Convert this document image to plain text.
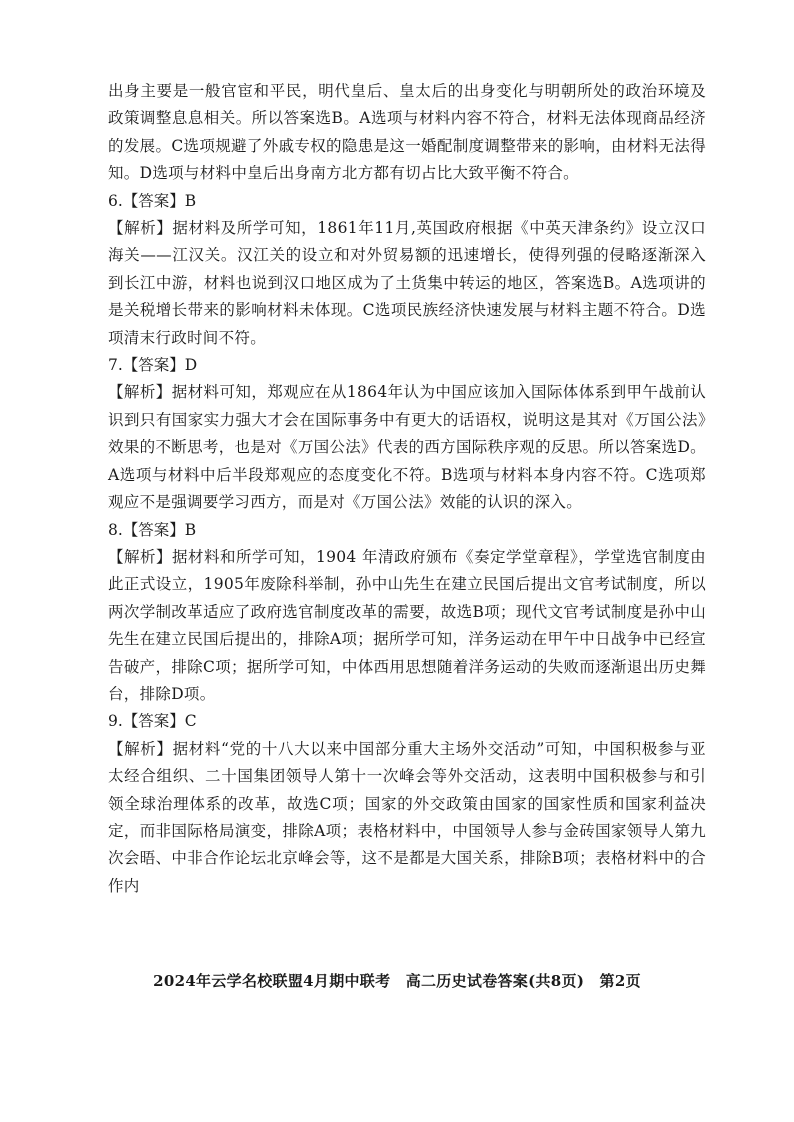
出身主要是一般官宦和平民，明代皇后、皇太后的出身变化与明朝所处的政治环境及政策调整息息相关。所以答案选B。A选项与材料内容不符合，材料无法体现商品经济的发展。C选项规避了外戚专权的隐患是这一婚配制度调整带来的影响，由材料无法得知。D选项与材料中皇后出身南方北方都有切占比大致平衡不符合。

6.【答案】B

【解析】据材料及所学可知，1861年11月,英国政府根据《中英天津条约》设立汉口海关——江汉关。汉江关的设立和对外贸易额的迅速增长，使得列强的侵略逐渐深入到长江中游，材料也说到汉口地区成为了土货集中转运的地区，答案选B。A选项讲的是关税增长带来的影响材料未体现。C选项民族经济快速发展与材料主题不符合。D选项清末行政时间不符。

7.【答案】D

【解析】据材料可知，郑观应在从1864年认为中国应该加入国际体体系到甲午战前认识到只有国家实力强大才会在国际事务中有更大的话语权，说明这是其对《万国公法》效果的不断思考，也是对《万国公法》代表的西方国际秩序观的反思。所以答案选D。A选项与材料中后半段郑观应的态度变化不符。B选项与材料本身内容不符。C选项郑观应不是强调要学习西方，而是对《万国公法》效能的认识的深入。

8.【答案】B

【解析】据材料和所学可知，1904 年清政府颁布《奏定学堂章程》，学堂选官制度由此正式设立，1905年废除科举制，孙中山先生在建立民国后提出文官考试制度，所以两次学制改革适应了政府选官制度改革的需要，故选B项；现代文官考试制度是孙中山先生在建立民国后提出的，排除A项；据所学可知，洋务运动在甲午中日战争中已经宣告破产，排除C项；据所学可知，中体西用思想随着洋务运动的失败而逐渐退出历史舞台，排除D项。

9.【答案】C

【解析】据材料“党的十八大以来中国部分重大主场外交活动”可知，中国积极参与亚太经合组织、二十国集团领导人第十一次峰会等外交活动，这表明中国积极参与和引领全球治理体系的改革，故选C项；国家的外交政策由国家的国家性质和国家利益决定，而非国际格局演变，排除A项；表格材料中，中国领导人参与金砖国家领导人第九次会晤、中非合作论坛北京峰会等，这不是都是大国关系，排除B项；表格材料中的合作内

2024年云学名校联盟4月期中联考　高二历史试卷答案(共8页)　第2页
